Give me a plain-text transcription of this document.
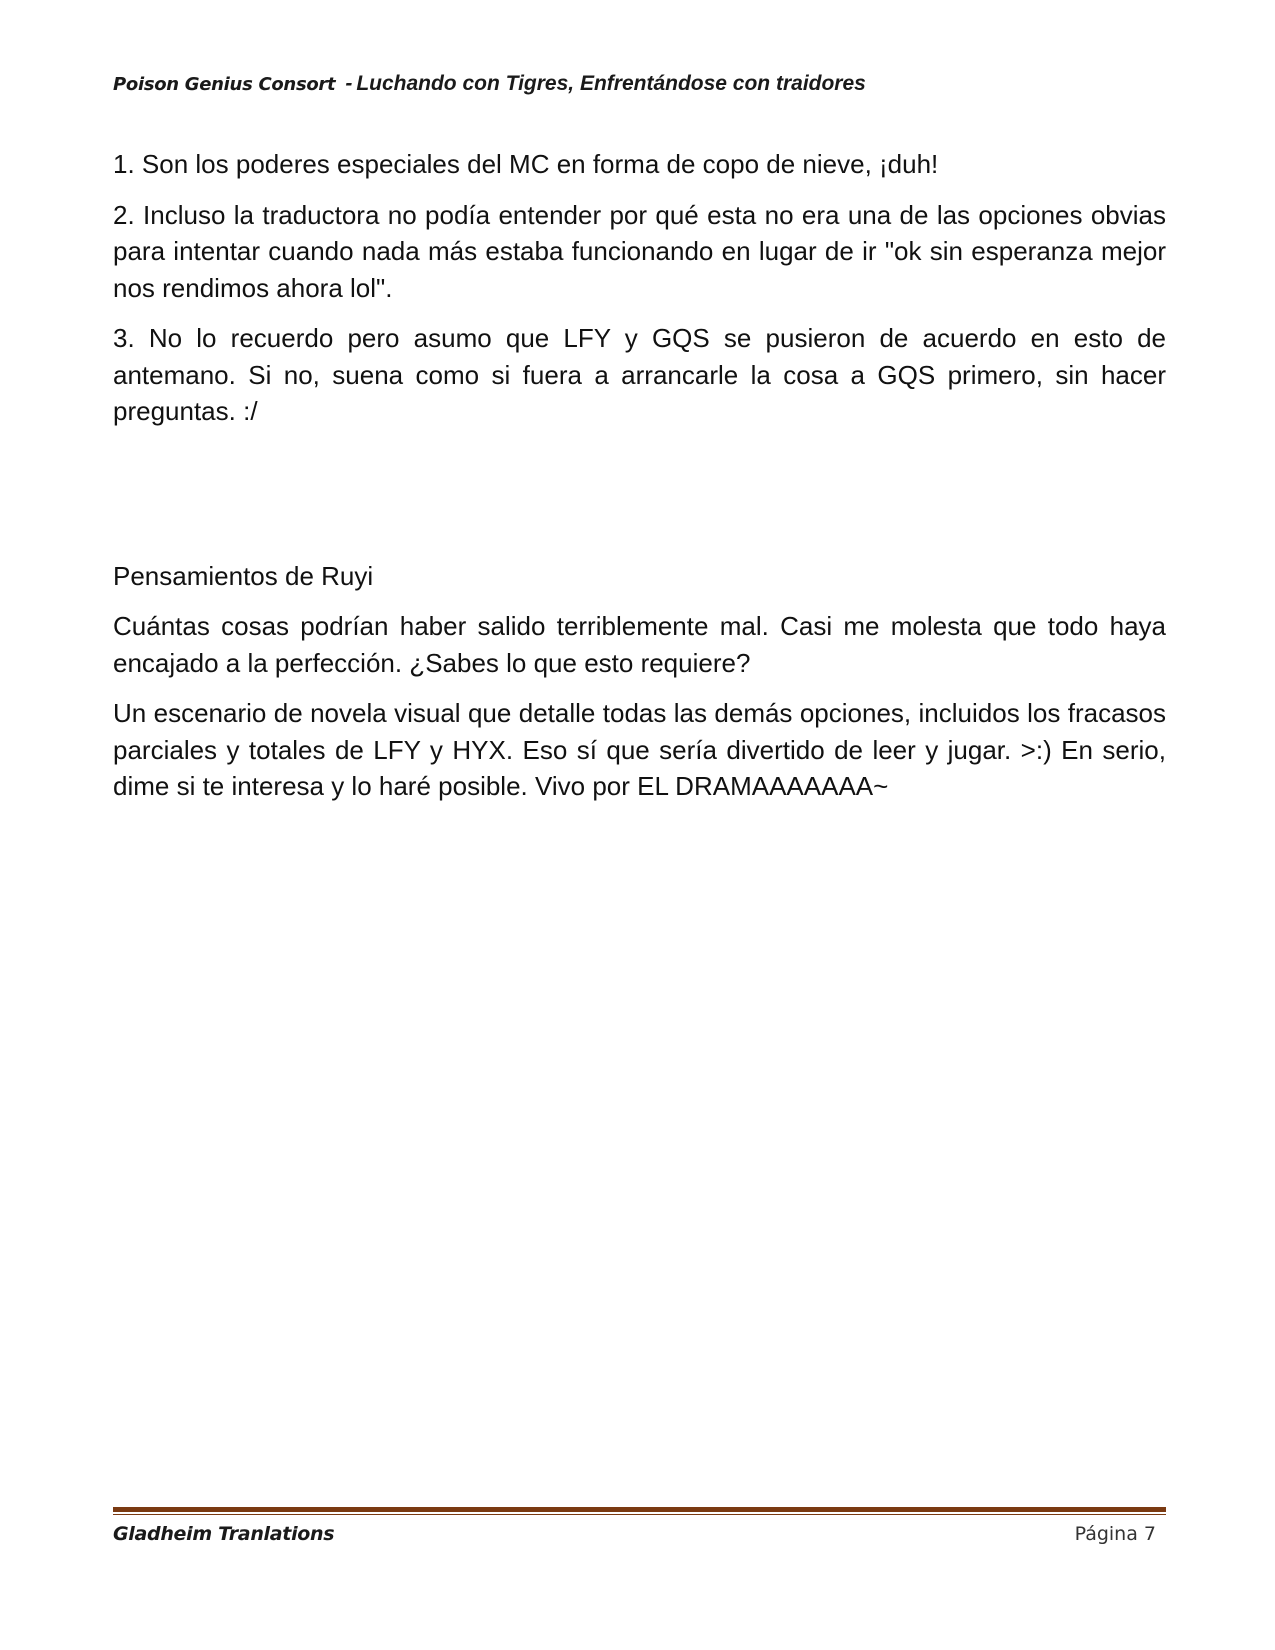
Poison Genius Consort - Luchando con Tigres, Enfrentándose con traidores

1. Son los poderes especiales del MC en forma de copo de nieve, ¡duh!

2. Incluso la traductora no podía entender por qué esta no era una de las opciones obvias para intentar cuando nada más estaba funcionando en lugar de ir "ok sin esperanza mejor nos rendimos ahora lol".

3. No lo recuerdo pero asumo que LFY y GQS se pusieron de acuerdo en esto de antemano. Si no, suena como si fuera a arrancarle la cosa a GQS primero, sin hacer preguntas. :/

Pensamientos de Ruyi

Cuántas cosas podrían haber salido terriblemente mal. Casi me molesta que todo haya encajado a la perfección. ¿Sabes lo que esto requiere?

Un escenario de novela visual que detalle todas las demás opciones, incluidos los fracasos parciales y totales de LFY y HYX. Eso sí que sería divertido de leer y jugar. >:) En serio, dime si te interesa y lo haré posible. Vivo por EL DRAMAAAAAAA~

Gladheim Tranlations	Página 7
